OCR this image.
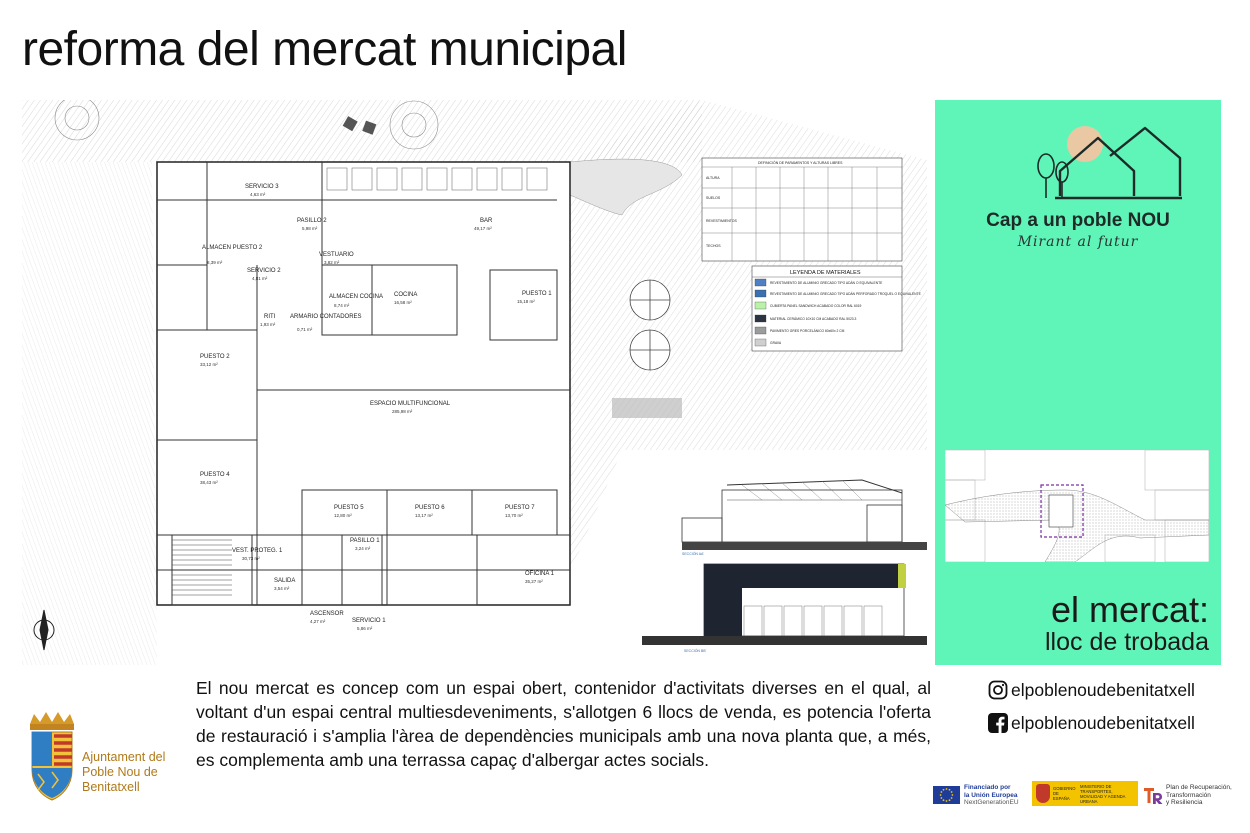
reforma del mercat municipal
SERVICIO 3
4,63 m²
PASILLO 2
5,98 m²
ALMACEN PUESTO 2
8,39 m²
SERVICIO 2
4,81 m²
VESTUARIO
3,82 m²
ALMACEN COCINA
8,74 m²
COCINA
16,58 m²
BAR
49,17 m²
PUESTO 1
15,18 m²
RITI
1,93 m²
ARMARIO CONTADORES
0,71 m²
PUESTO 2
33,12 m²
ESPACIO MULTIFUNCIONAL
285,98 m²
PUESTO 4
38,43 m²
PUESTO 5
12,80 m²
PUESTO 6
13,17 m²
PUESTO 7
13,70 m²
PASILLO 1
3,24 m²
VEST. PROTEG. 1
30,73 m²
SALIDA
3,54 m²
OFICINA 1
35,27 m²
ASCENSOR
4,27 m²	SERVICIO 1
5,86 m²
DEFINICIÓN DE PARAMENTOS Y ALTURAS LIBRES
ALTURA
SUELOS
REVESTIMIENTOS
TECHOS
LEYENDA DE MATERIALES
REVESTIMIENTO DE ALUMINIO GRECADO TIPO ADÁN O EQUIVALENTE
REVESTIMIENTO DE ALUMINIO GRECADO TIPO ADÁN PERFORADO TROQUEL O EQUIVALENTE
CUBIERTA PANEL SANDWICH ACABADO COLOR RAL 6019
MATERIAL CERÁMICO 10X10 CM ACABADO RAL 5023.3
PAVIMENTO GRES PORCELÁNICO 60x60x 2 CM
GRAVA
SECCIÓN AA'
SECCIÓN BB'
Cap a un poble NOU
Mirant al futur
el mercat:
lloc de trobada
El nou mercat es concep com un espai obert, contenidor d'activitats diverses en el qual, al voltant d'un espai central multiesdeveniments, s'allotgen 6 llocs de venda, es potencia l'oferta de restauració i s'amplia l'àrea de dependències municipals amb una nova planta que, a més, es complementa amb una terrassa capaç d'albergar actes socials.
elpoblenoudebenitatxell
elpoblenoudebenitatxell
Ajuntament del
Poble Nou de
Benitatxell	Financiado por
la Unión Europea
NextGenerationEU
GOBIERNO DE ESPAÑA
MINISTERIO DE TRANSPORTES, MOVILIDAD Y AGENDA URBANA
Plan de Recuperación,
Transformación
y Resiliencia
